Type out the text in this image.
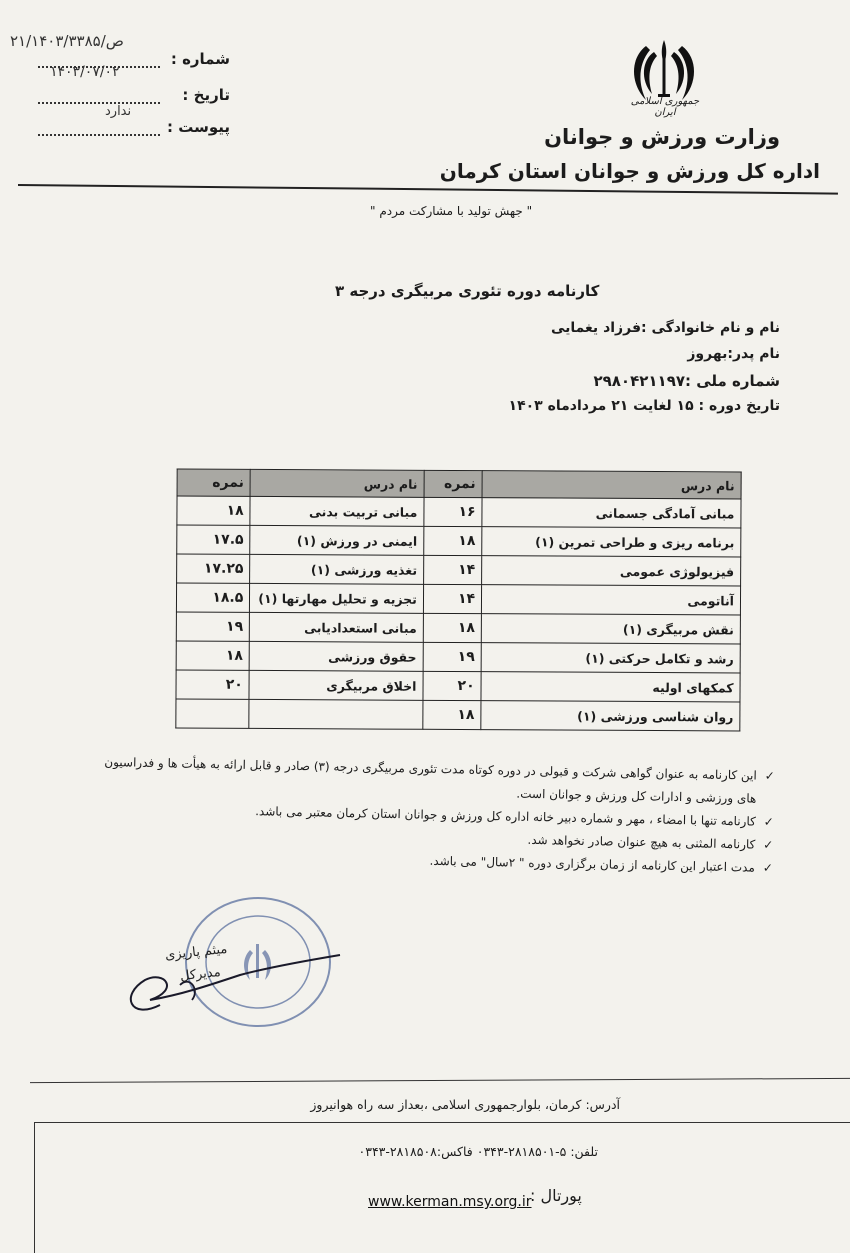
شماره :
۲۱/۱۴۰۳/ص/۳۳۸۵
تاریخ :
۱۴۰۳/۰۷/۰۲
پیوست :
ندارد
جمهوری اسلامی ایران
وزارت ورزش و جوانان
اداره کل ورزش و جوانان استان کرمان
" جهش تولید با مشارکت مردم "
کارنامه دوره تئوری مربیگری درجه ۳
نام و نام خانوادگی :فرزاد یغمایی
نام پدر:بهروز
شماره ملی :۲۹۸۰۴۲۱۱۹۷
تاریخ دوره : ۱۵ لغایت ۲۱ مردادماه ۱۴۰۳
نام درس	نمره	نام درس	نمره
مبانی آمادگی جسمانی	۱۶	مبانی تربیت بدنی	۱۸
برنامه ریزی و طراحی تمرین (۱)	۱۸	ایمنی در ورزش (۱)	۱۷.۵
فیزیولوژی عمومی	۱۴	تغذیه ورزشی (۱)	۱۷.۲۵
آناتومی	۱۴	تجزیه و تحلیل مهارتها (۱)	۱۸.۵
نقش مربیگری (۱)	۱۸	مبانی استعدادیابی	۱۹
رشد و تکامل حرکتی (۱)	۱۹	حقوق ورزشی	۱۸
کمکهای اولیه	۲۰	اخلاق مربیگری	۲۰
روان شناسی ورزشی (۱)	۱۸		
✓
این کارنامه به عنوان گواهی شرکت و قبولی در دوره کوتاه مدت تئوری مربیگری درجه (۳) صادر و قابل ارائه به هیأت ها و فدراسیون های ورزشی و ادارات کل ورزش و جوانان است.
✓
کارنامه تنها با امضاء ، مهر و شماره دبیر خانه اداره کل ورزش و جوانان استان کرمان معتبر می باشد.
✓
کارنامه المثنی به هیچ عنوان صادر نخواهد شد.
✓
مدت اعتبار این کارنامه از زمان برگزاری دوره " ۲سال" می باشد.
میثم پاریزی
مدیرکل
آدرس: کرمان، بلوارجمهوری اسلامی ،بعداز سه راه هوانیروز
تلفن: ۵-۲۸۱۸۵۰۱-۰۳۴۳ فاکس:۲۸۱۸۵۰۸-۰۳۴۳
پورتال :
www.kerman.msy.org.ir
